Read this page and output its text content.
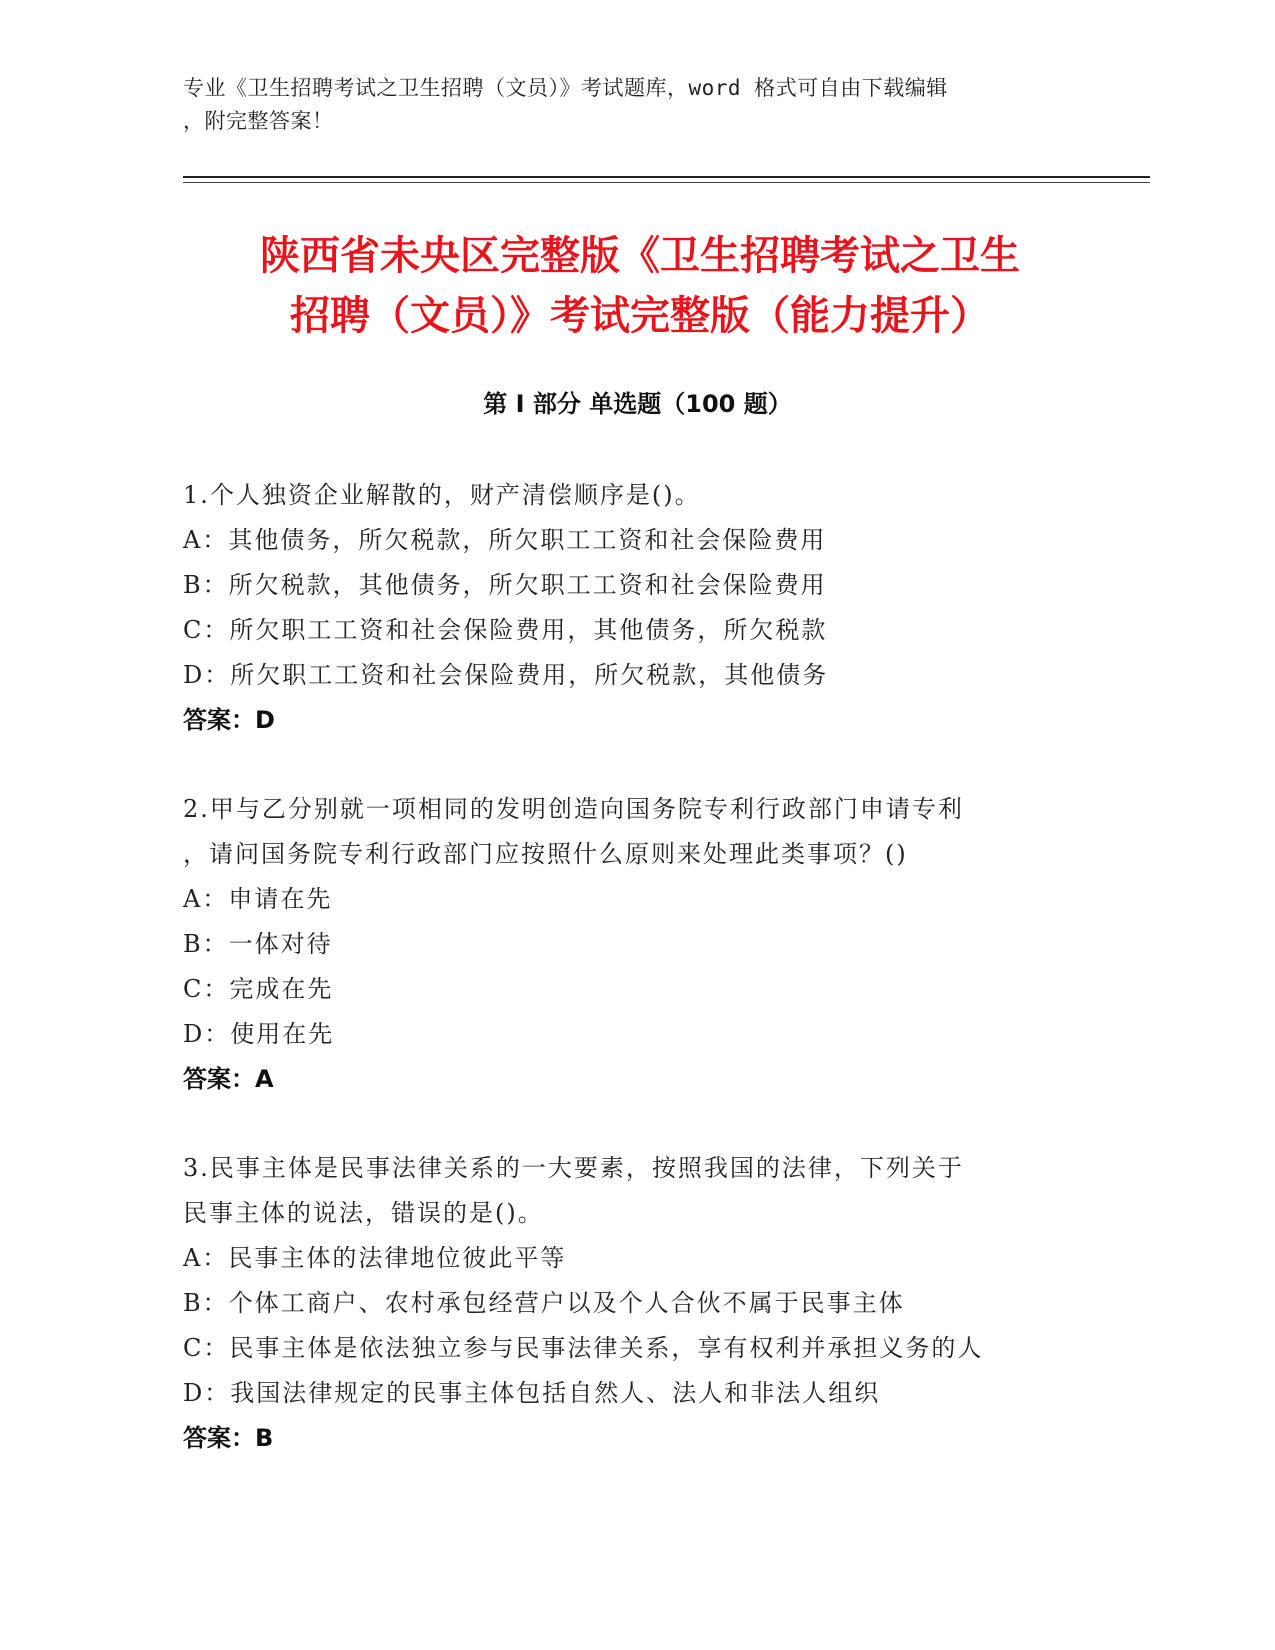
专业《卫生招聘考试之卫生招聘（文员）》考试题库，word 格式可自由下载编辑
，附完整答案！
陕西省未央区完整版《卫生招聘考试之卫生
招聘（文员）》考试完整版（能力提升）
第 I 部分 单选题（100 题）
1.个人独资企业解散的，财产清偿顺序是()。
A：其他债务，所欠税款，所欠职工工资和社会保险费用
B：所欠税款，其他债务，所欠职工工资和社会保险费用
C：所欠职工工资和社会保险费用，其他债务，所欠税款
D：所欠职工工资和社会保险费用，所欠税款，其他债务
答案：D
2.甲与乙分别就一项相同的发明创造向国务院专利行政部门申请专利
，请问国务院专利行政部门应按照什么原则来处理此类事项？()
A：申请在先
B：一体对待
C：完成在先
D：使用在先
答案：A
3.民事主体是民事法律关系的一大要素，按照我国的法律，下列关于
民事主体的说法，错误的是()。
A：民事主体的法律地位彼此平等
B：个体工商户、农村承包经营户以及个人合伙不属于民事主体
C：民事主体是依法独立参与民事法律关系，享有权利并承担义务的人
D：我国法律规定的民事主体包括自然人、法人和非法人组织
答案：B
